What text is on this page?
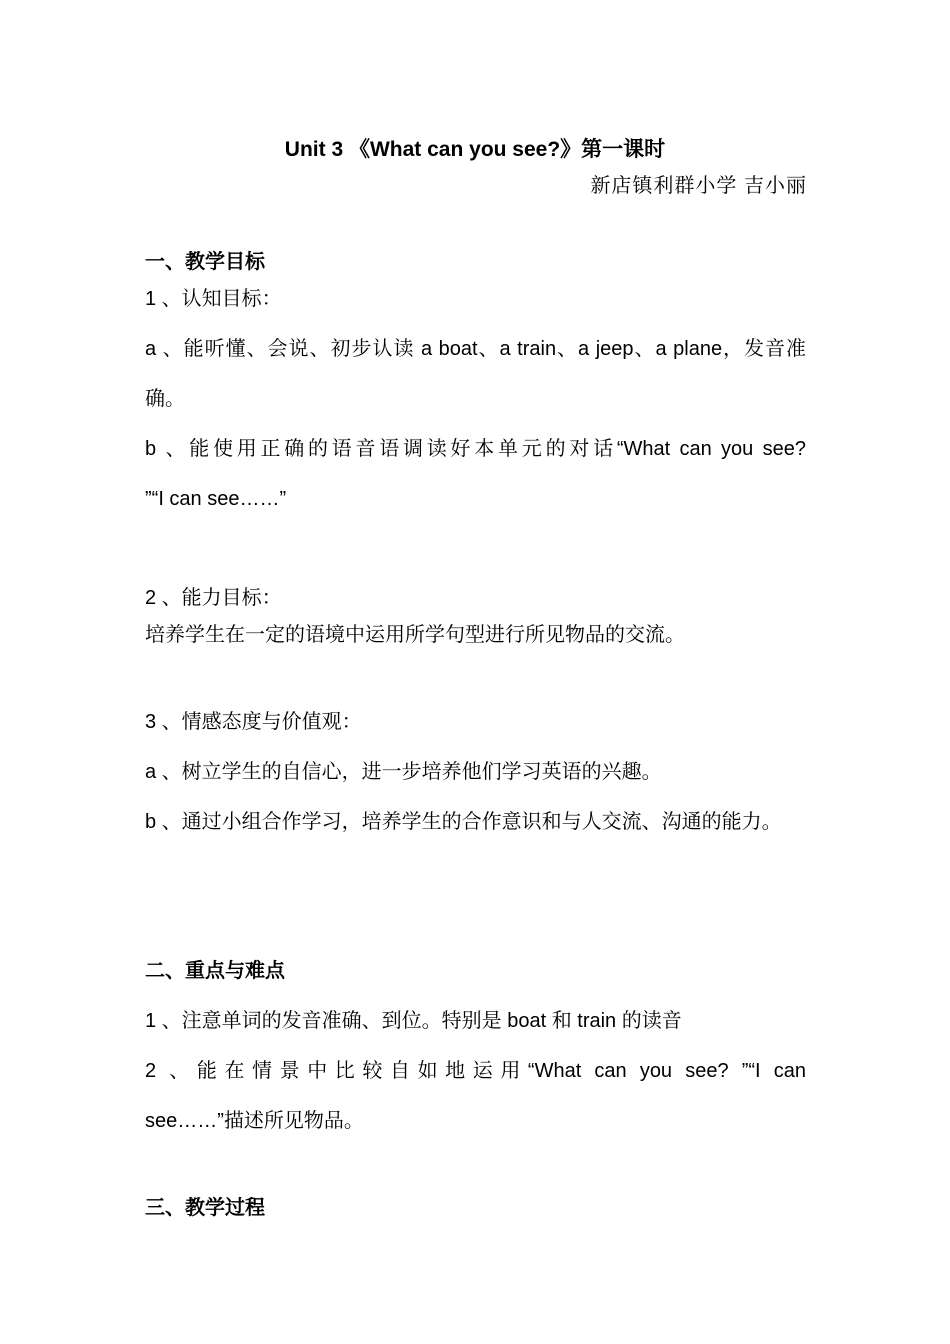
Unit 3 《What can you see?》第一课时
新店镇利群小学 吉小丽
一、教学目标
1 、认知目标：
a 、能听懂、会说、初步认读 a boat、a train、a jeep、a plane，发音准
确。
b 、能使用正确的语音语调读好本单元的对话“What can you see?
”“I can see……”
2 、能力目标：
培养学生在一定的语境中运用所学句型进行所见物品的交流。
3 、情感态度与价值观：
a 、树立学生的自信心，进一步培养他们学习英语的兴趣。
b 、通过小组合作学习，培养学生的合作意识和与人交流、沟通的能力。
二、重点与难点
1 、注意单词的发音准确、到位。特别是 boat 和 train 的读音
2 、能在情景中比较自如地运用“What can you see? ”“I can
see……”描述所见物品。
三、教学过程
